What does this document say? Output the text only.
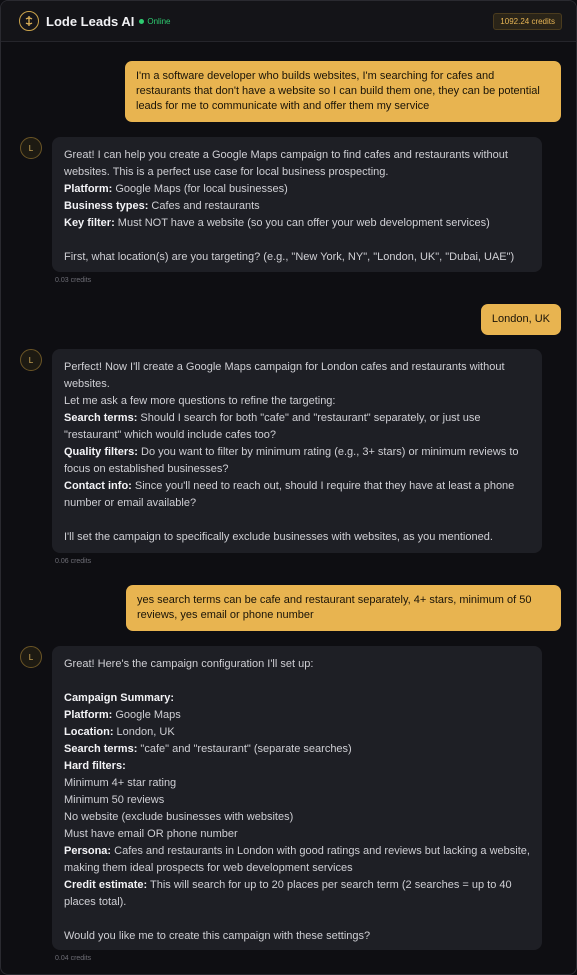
Lode Leads AI Online	1092.24 credits
I'm a software developer who builds websites, I'm searching for cafes and restaurants that don't have a website so I can build them one, they can be potential leads for me to communicate with and offer them my service
L
Great! I can help you create a Google Maps campaign to find cafes and restaurants without websites. This is a perfect use case for local business prospecting.
Platform: Google Maps (for local businesses)
Business types: Cafes and restaurants
Key filter: Must NOT have a website (so you can offer your web development services)
First, what location(s) are you targeting? (e.g., "New York, NY", "London, UK", "Dubai, UAE")
0.03 credits
London, UK
L
Perfect! Now I'll create a Google Maps campaign for London cafes and restaurants without websites.
Let me ask a few more questions to refine the targeting:
Search terms: Should I search for both "cafe" and "restaurant" separately, or just use "restaurant" which would include cafes too?
Quality filters: Do you want to filter by minimum rating (e.g., 3+ stars) or minimum reviews to focus on established businesses?
Contact info: Since you'll need to reach out, should I require that they have at least a phone number or email available?
I'll set the campaign to specifically exclude businesses with websites, as you mentioned.
0.06 credits
yes search terms can be cafe and restaurant separately, 4+ stars, minimum of 50 reviews, yes email or phone number
L
Great! Here's the campaign configuration I'll set up:
Campaign Summary:
Platform: Google Maps
Location: London, UK
Search terms: "cafe" and "restaurant" (separate searches)
Hard filters:
Minimum 4+ star rating
Minimum 50 reviews
No website (exclude businesses with websites)
Must have email OR phone number
Persona: Cafes and restaurants in London with good ratings and reviews but lacking a website, making them ideal prospects for web development services
Credit estimate: This will search for up to 20 places per search term (2 searches = up to 40 places total).
Would you like me to create this campaign with these settings?
0.04 credits
